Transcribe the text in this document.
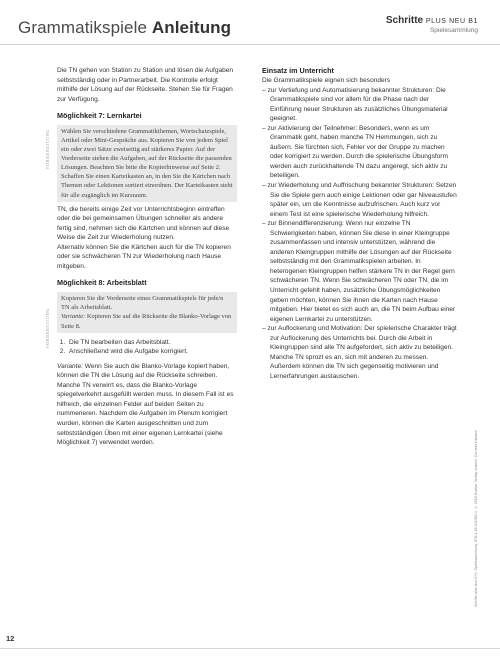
Grammatikspiele Anleitung	Schritte PLUS NEU B1
Spielesammlung

Die TN gehen von Station zu Station und lösen die Aufgaben selbstständig oder in Partnerarbeit. Die Kontrolle erfolgt mithilfe der Lösung auf der Rückseite. Stehen Sie für Fragen zur Verfügung.

Möglichkeit 7: Lernkartei
VORBEREITUNG	Wählen Sie verschiedene Grammatikthemen, Wortschatzspiele, Artikel oder Mini-Gespräche aus. Kopieren Sie von jedem Spiel ein oder zwei Sätze zweiseitig auf stärkeres Papier. Auf der Vorderseite stehen die Aufgaben, auf der Rückseite die passenden Lösungen. Beachten Sie bitte die Kopierhinweise auf Seite 2.

Schaffen Sie einen Karteikasten an, in den Sie die Kärtchen nach Themen oder Lektionen sortiert einordnen. Der Karteikasten steht für alle zugänglich im Kursraum.

TN, die bereits einige Zeit vor Unterrichtsbeginn eintreffen oder die bei gemeinsamen Übungen schneller als andere fertig sind, nehmen sich die Kärtchen und können auf diese Weise die Zeit zur Wiederholung nutzen.

Alternativ können Sie die Kärtchen auch für die TN kopieren oder sie schwächeren TN zur Wiederholung nach Hause mitgeben.

Möglichkeit 8: Arbeitsblatt
VORBEREITUNG

Kopieren Sie die Vorderseite eines Grammatikspiels für jede/n TN als Arbeitsblatt.

Variante: Kopieren Sie auf die Rückseite die Blanko-Vorlage von Seite 8.

1. Die TN bearbeiten das Arbeitsblatt.
2. Anschließend wird die Aufgabe korrigiert.

Variante: Wenn Sie auch die Blanko-Vorlage kopiert haben, können die TN die Lösung auf die Rückseite schreiben. Manche TN verwirrt es, dass die Blanko-Vorlage spiegelverkehrt ausgefüllt werden muss. In diesem Fall ist es hilfreich, die einzelnen Felder auf beiden Seiten zu nummerieren. Nachdem die Aufgaben im Plenum korrigiert wurden, können die Karten ausgeschnitten und zum selbstständigen Üben mit einer eigenen Lernkartei (siehe Möglichkeit 7) verwendet werden.

Einsatz im Unterricht

Die Grammatikspiele eignen sich besonders

– zur Vertiefung und Automatisierung bekannter Strukturen: Die Grammatikspiele sind vor allem für die Phase nach der Einführung neuer Strukturen als zusätzliches Übungsmaterial geeignet.
– zur Aktivierung der Teilnehmer: Besonders, wenn es um Grammatik geht, haben manche TN Hemmungen, sich zu äußern. Sie fürchten sich, Fehler vor der Gruppe zu machen oder korrigiert zu werden. Durch die spielerische Übungsform werden auch zurückhaltende TN dazu angeregt, sich aktiv zu beteiligen.
– zur Wiederholung und Auffrischung bekannter Strukturen: Setzen Sie die Spiele gern auch einige Lektionen oder gar Niveaustufen später ein, um die Kenntnisse aufzufrischen. Auch kurz vor einem Test ist eine spielerische Wiederholung hilfreich.
– zur Binnendifferenzierung: Wenn nur einzelne TN Schwierigkeiten haben, können Sie diese in einer Kleingruppe zusammenfassen und intensiv unterstützen, während die anderen Kleingruppen mithilfe der Lösungen auf der Rückseite selbstständig mit den Grammatikspielen arbeiten. In heterogenen Kleingruppen helfen stärkere TN in der Regel gern schwächeren TN. Wenn Sie schwächeren TN oder TN, die im Unterricht gefehlt haben, zusätzliche Übungsmöglichkeiten geben möchten, können Sie ihnen die Karten nach Hause mitgeben. Hier bietet es sich auch an, die TN beim Aufbau einer eigenen Lernkartei zu unterstützen.
– zur Auflockerung und Motivation: Der spielerische Charakter trägt zur Auflockerung des Unterrichts bei. Durch die Arbeit in Kleingruppen sind alle TN aufgefordert, sich aktiv zu beteiligen. Manche TN sprozt es an, sich mit anderen zu messen. Außerdem können die TN sich gegenseitig motivieren und Lernerfahrungen austauschen.
Schritte plus Neu 5+6, Spielesammlung, 978-3-19-341083-4, © 2018 Hueber Verlag, Autorin: Cornelia Klepsch
12
